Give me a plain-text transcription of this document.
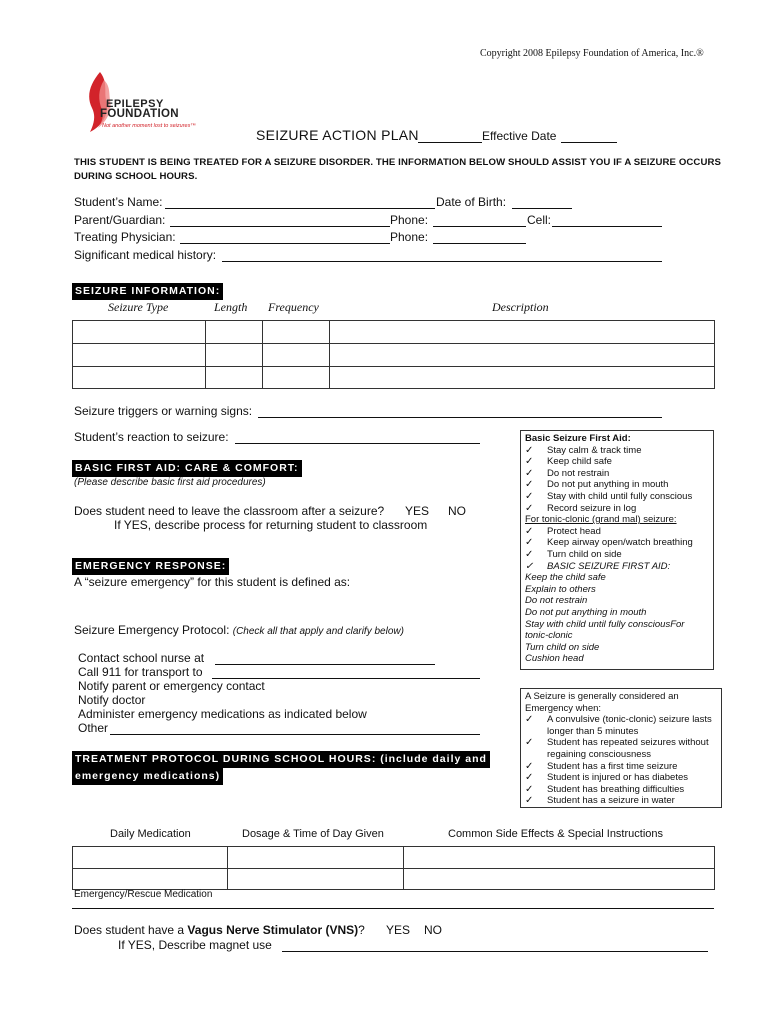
Copyright 2008 Epilepsy Foundation of America, Inc.®
EPILEPSY
FOUNDATION
Not another moment lost to seizures™
SEIZURE ACTION PLAN	Effective Date
THIS STUDENT IS BEING TREATED FOR A SEIZURE DISORDER. THE INFORMATION BELOW SHOULD ASSIST YOU IF A SEIZURE OCCURS DURING SCHOOL HOURS.
Student’s Name:	Date of Birth:
Parent/Guardian:	Phone:	Cell:
Treating Physician:	Phone:
Significant medical history:
SEIZURE INFORMATION:
Seizure Type	Length Frequency	Description

Seizure triggers or warning signs:
Student’s reaction to seizure:
BASIC FIRST AID: CARE & COMFORT:
(Please describe basic first aid procedures)
Does student need to leave the classroom after a seizure? YES NO
If YES, describe process for returning student to classroom
EMERGENCY RESPONSE:
A “seizure emergency” for this student is defined as:
Seizure Emergency Protocol: (Check all that apply and clarify below)
Contact school nurse at
Call 911 for transport to
Notify parent or emergency contact
Notify doctor
Administer emergency medications as indicated below
Other
TREATMENT PROTOCOL DURING SCHOOL HOURS: (include daily and
emergency medications)
Basic Seizure First Aid:
✓ Stay calm & track time
✓ Keep child safe
✓ Do not restrain
✓ Do not put anything in mouth
✓ Stay with child until fully conscious
✓ Record seizure in log
For tonic-clonic (grand mal) seizure:
✓ Protect head
✓ Keep airway open/watch breathing
✓ Turn child on side
✓ BASIC SEIZURE FIRST AID:
Keep the child safe
Explain to others
Do not restrain
Do not put anything in mouth
Stay with child until fully consciousFor
tonic-clonic
Turn child on side
Cushion head
A Seizure is generally considered an
Emergency when:
✓ A convulsive (tonic-clonic) seizure lasts
longer than 5 minutes
✓ Student has repeated seizures without
regaining consciousness
✓ Student has a first time seizure
✓ Student is injured or has diabetes
✓ Student has breathing difficulties
✓ Student has a seizure in water
Daily Medication	Dosage & Time of Day Given	Common Side Effects & Special Instructions

Emergency/Rescue Medication
Does student have a Vagus Nerve Stimulator (VNS)? YES NO
If YES, Describe magnet use
